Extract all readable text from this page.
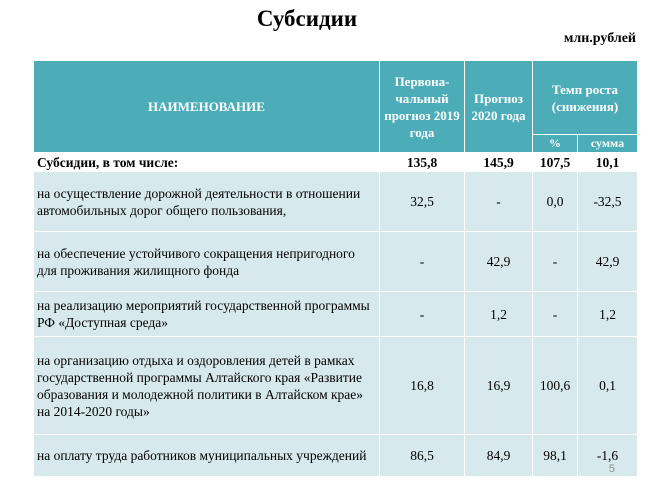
Субсидии
млн.рублей
НАИМЕНОВАНИЕ	Первона-чальный прогноз 2019 года	Прогноз 2020 года	Темп роста (снижения)	
			%	сумма
Субсидии, в том числе:	135,8	145,9	107,5	10,1
на осуществление дорожной деятельности в отношении автомобильных дорог общего пользования,	32,5	-	0,0	-32,5
на обеспечение устойчивого сокращения непригодного для проживания жилищного фонда	-	42,9	-	42,9
на реализацию мероприятий государственной программы РФ «Доступная среда»	-	1,2	-	1,2
на организацию отдыха и оздоровления детей в рамках государственной программы Алтайского края «Развитие образования и молодежной политики в Алтайском крае» на 2014-2020 годы»	16,8	16,9	100,6	0,1
на оплату труда работников муниципальных учреждений	86,5	84,9	98,1	-1,6
5
